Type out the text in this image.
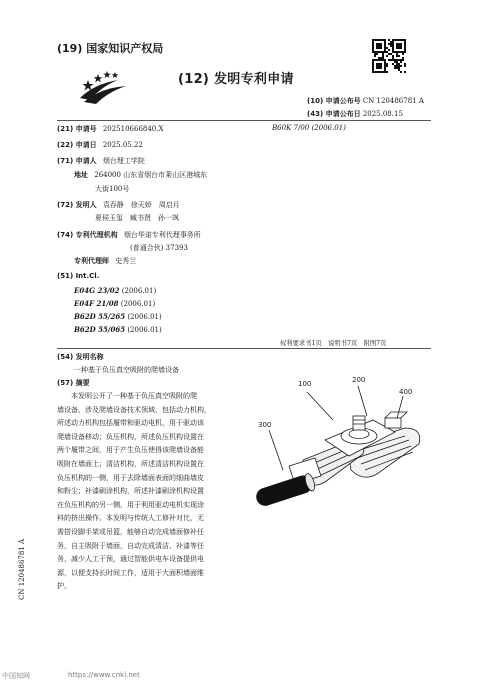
(19) 国家知识产权局
(12) 发明专利申请
(10) 申请公布号 CN 120486781 A
(43) 申请公布日 2025.08.15
(21) 申请号 202510666840.X	B60K 7/00 (2006.01)
(22) 申请日 2025.05.22
(71) 申请人 烟台理工学院
地址 264000 山东省烟台市莱山区港城东
大街100号
(72) 发明人 袁吞静　徐天娇　周启月
夏侯玉玺　臧书贤　孙一飒
(74) 专利代理机构 烟台华诺专利代理事务所
(普通合伙) 37393
专利代理师 史秀兰
(51) Int.Cl.
E04G 23/02 (2006.01)
E04F 21/08 (2006.01)
B62D 55/265 (2006.01)
B62D 55/065 (2006.01)
权利要求书1页　说明书7页　附图7页
(54) 发明名称
一种基于负压真空吸附的爬墙设备
(57) 摘要
本发明公开了一种基于负压真空吸附的爬
墙设备，涉及爬墙设备技术领域，包括动力机构，
所述动力机构包括履带和驱动电机，用于驱动该
爬墙设备移动；负压机构，所述负压机构设置在
两个履带之间，用于产生负压使得该爬墙设备能
吸附在墙面上；清洁机构，所述清洁机构设置在
负压机构的一侧，用于去除墙面表面的细曲墙皮
和粉尘；补漆刷涂机构，所述补漆刷涂机构设置
在负压机构的另一侧，用于利用驱动电机实现涂
料的挤出操作。本发明与传统人工修补对比，无
需搭设脚手架或吊篮，能够自动完成墙面修补任
务，自主吸附于墙面，自动完成清洁、补漆等任
务，减少人工干预，通过智能供电车设备提供电
源，以便支持长时间工作，适用于大面积墙面维
护。
100	200
400
300
CN 120486781 A
中国知网	https://www.cnki.net
